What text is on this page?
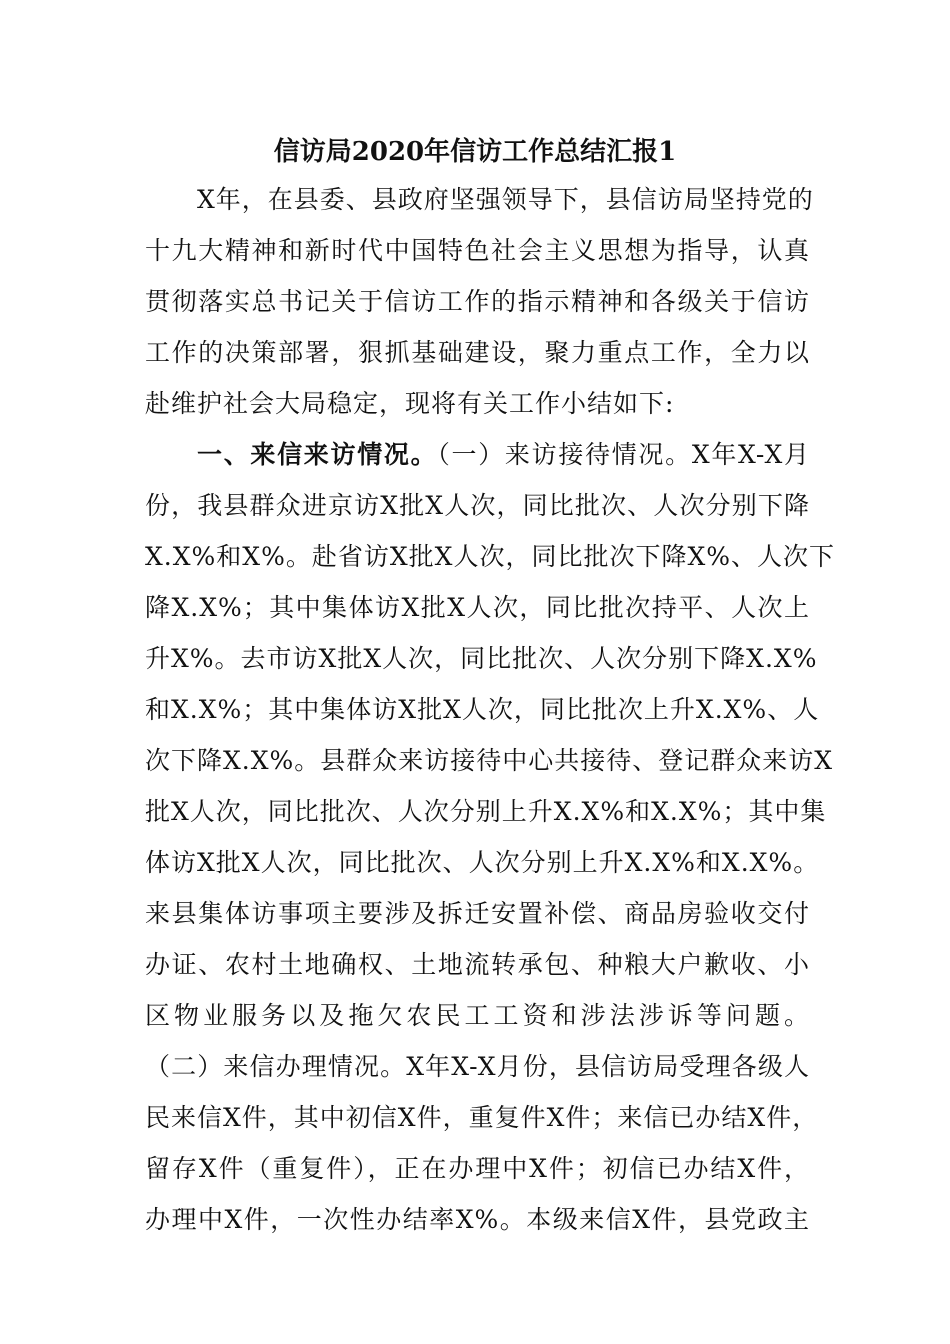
信访局2020年信访工作总结汇报1
X年，在县委、县政府坚强领导下，县信访局坚持党的
十九大精神和新时代中国特色社会主义思想为指导，认真
贯彻落实总书记关于信访工作的指示精神和各级关于信访
工作的决策部署，狠抓基础建设，聚力重点工作，全力以
赴维护社会大局稳定，现将有关工作小结如下:
一、来信来访情况。（一）来访接待情况。X年X-X月
份，我县群众进京访X批X人次，同比批次、人次分别下降
X.X%和X%。赴省访X批X人次，同比批次下降X%、人次下
降X.X%；其中集体访X批X人次，同比批次持平、人次上
升X%。去市访X批X人次，同比批次、人次分别下降X.X%
和X.X%；其中集体访X批X人次，同比批次上升X.X%、人
次下降X.X%。县群众来访接待中心共接待、登记群众来访X
批X人次，同比批次、人次分别上升X.X%和X.X%；其中集
体访X批X人次，同比批次、人次分别上升X.X%和X.X%。
来县集体访事项主要涉及拆迁安置补偿、商品房验收交付
办证、农村土地确权、土地流转承包、种粮大户歉收、小
区物业服务以及拖欠农民工工资和涉法涉诉等问题。
（二）来信办理情况。X年X-X月份，县信访局受理各级人
民来信X件，其中初信X件，重复件X件；来信已办结X件，
留存X件（重复件），正在办理中X件；初信已办结X件，
办理中X件，一次性办结率X%。本级来信X件，县党政主
